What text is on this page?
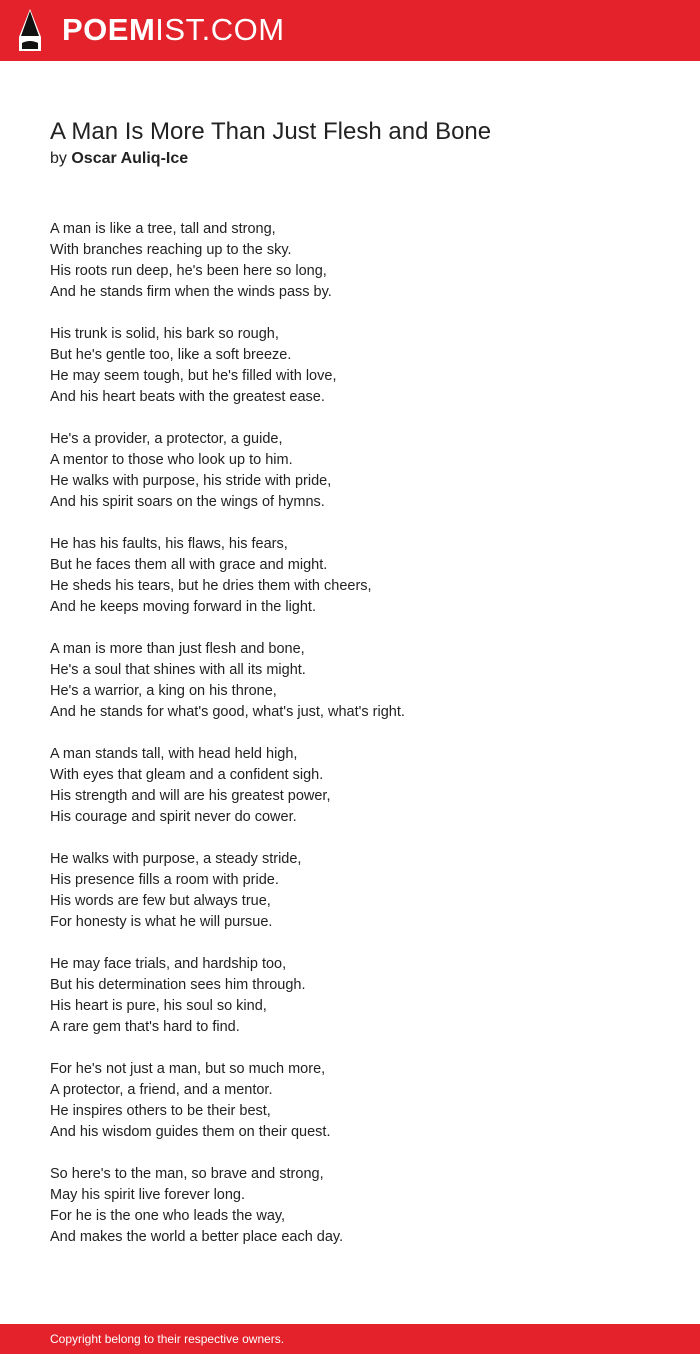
POEMIST.COM
A Man Is More Than Just Flesh and Bone
by Oscar Auliq-Ice
A man is like a tree, tall and strong,
With branches reaching up to the sky.
His roots run deep, he's been here so long,
And he stands firm when the winds pass by.
His trunk is solid, his bark so rough,
But he's gentle too, like a soft breeze.
He may seem tough, but he's filled with love,
And his heart beats with the greatest ease.
He's a provider, a protector, a guide,
A mentor to those who look up to him.
He walks with purpose, his stride with pride,
And his spirit soars on the wings of hymns.
He has his faults, his flaws, his fears,
But he faces them all with grace and might.
He sheds his tears, but he dries them with cheers,
And he keeps moving forward in the light.
A man is more than just flesh and bone,
He's a soul that shines with all its might.
He's a warrior, a king on his throne,
And he stands for what's good, what's just, what's right.
A man stands tall, with head held high,
With eyes that gleam and a confident sigh.
His strength and will are his greatest power,
His courage and spirit never do cower.
He walks with purpose, a steady stride,
His presence fills a room with pride.
His words are few but always true,
For honesty is what he will pursue.
He may face trials, and hardship too,
But his determination sees him through.
His heart is pure, his soul so kind,
A rare gem that's hard to find.
For he's not just a man, but so much more,
A protector, a friend, and a mentor.
He inspires others to be their best,
And his wisdom guides them on their quest.
So here's to the man, so brave and strong,
May his spirit live forever long.
For he is the one who leads the way,
And makes the world a better place each day.
Copyright belong to their respective owners.
